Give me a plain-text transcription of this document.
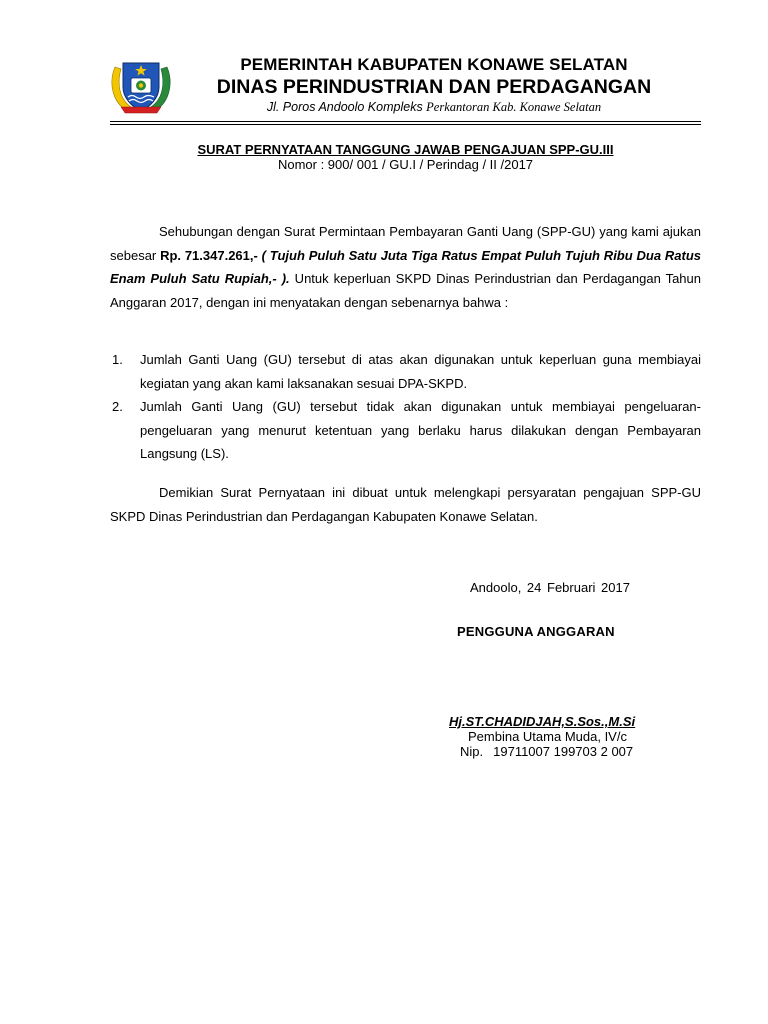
PEMERINTAH KABUPATEN KONAWE SELATAN
DINAS PERINDUSTRIAN DAN PERDAGANGAN
Jl. Poros Andoolo Kompleks Perkantoran Kab. Konawe Selatan
SURAT PERNYATAAN TANGGUNG JAWAB PENGAJUAN SPP-GU.III
Nomor : 900/ 001 / GU.I / Perindag / II /2017
Sehubungan dengan Surat Permintaan Pembayaran Ganti Uang (SPP-GU) yang kami ajukan sebesar Rp. 71.347.261,- ( Tujuh Puluh Satu Juta Tiga Ratus Empat Puluh Tujuh Ribu Dua Ratus Enam Puluh Satu Rupiah,- ). Untuk keperluan SKPD Dinas Perindustrian dan Perdagangan Tahun Anggaran 2017, dengan ini menyatakan dengan sebenarnya bahwa :
1. Jumlah Ganti Uang (GU) tersebut di atas akan digunakan untuk keperluan guna membiayai kegiatan yang akan kami laksanakan sesuai DPA-SKPD.
2. Jumlah Ganti Uang (GU) tersebut tidak akan digunakan untuk membiayai pengeluaran-pengeluaran yang menurut ketentuan yang berlaku harus dilakukan dengan Pembayaran Langsung (LS).
Demikian Surat Pernyataan ini dibuat untuk melengkapi persyaratan pengajuan SPP-GU SKPD Dinas Perindustrian dan Perdagangan Kabupaten Konawe Selatan.
Andoolo, 24 Februari 2017
PENGGUNA ANGGARAN
Hj.ST.CHADIDJAH,S.Sos.,M.Si
Pembina Utama Muda, IV/c
Nip. 19711007 199703 2 007
